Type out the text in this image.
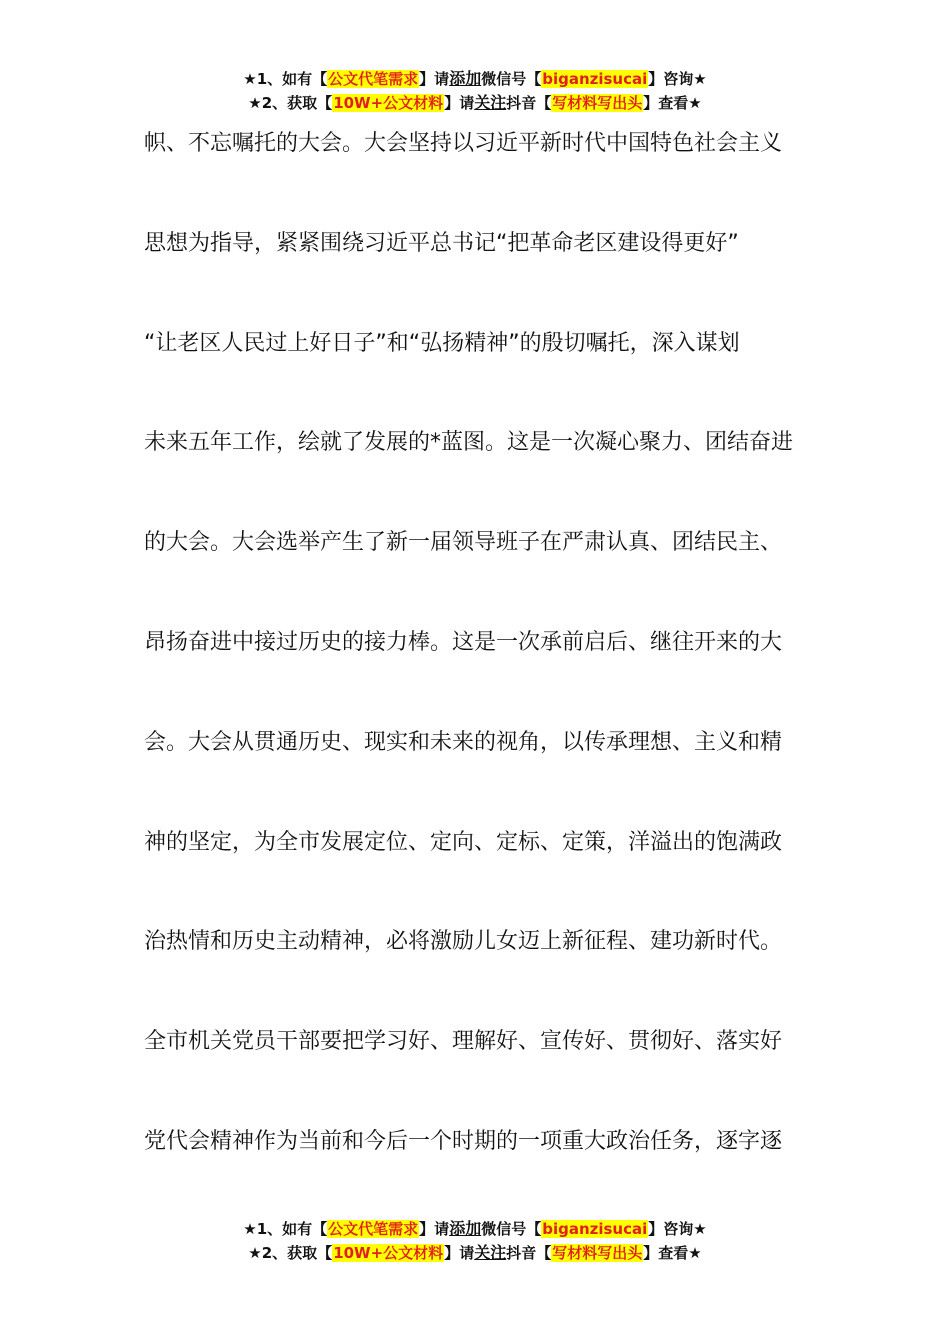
★1、如有【公文代笔需求】请添加微信号【biganzisucai】咨询★
★2、获取【10W+公文材料】请关注抖音【写材料写出头】查看★
帜、不忘嘱托的大会。大会坚持以习近平新时代中国特色社会主义
思想为指导，紧紧围绕习近平总书记“把革命老区建设得更好”
“让老区人民过上好日子”和“弘扬精神”的殷切嘱托，深入谋划
未来五年工作，绘就了发展的*蓝图。这是一次凝心聚力、团结奋进
的大会。大会选举产生了新一届领导班子在严肃认真、团结民主、
昂扬奋进中接过历史的接力棒。这是一次承前启后、继往开来的大
会。大会从贯通历史、现实和未来的视角，以传承理想、主义和精
神的坚定，为全市发展定位、定向、定标、定策，洋溢出的饱满政
治热情和历史主动精神，必将激励儿女迈上新征程、建功新时代。
全市机关党员干部要把学习好、理解好、宣传好、贯彻好、落实好
党代会精神作为当前和今后一个时期的一项重大政治任务，逐字逐
★1、如有【公文代笔需求】请添加微信号【biganzisucai】咨询★
★2、获取【10W+公文材料】请关注抖音【写材料写出头】查看★
